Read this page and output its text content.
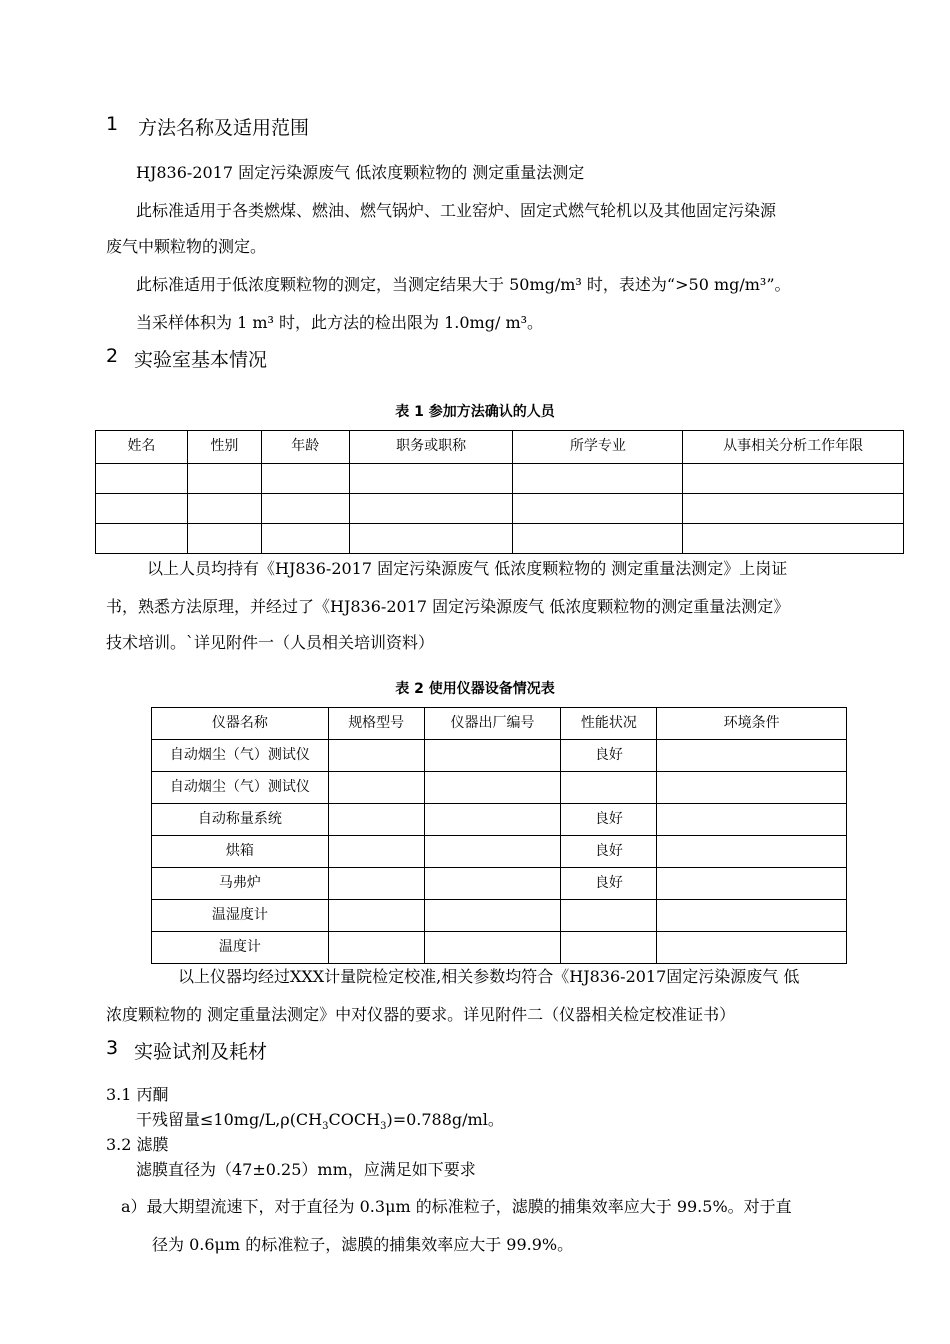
1 方法名称及适用范围
HJ836-2017 固定污染源废气 低浓度颗粒物的 测定重量法测定
此标准适用于各类燃煤、燃油、燃气锅炉、工业窑炉、固定式燃气轮机以及其他固定污染源
废气中颗粒物的测定。
此标准适用于低浓度颗粒物的测定，当测定结果大于 50mg/m³ 时，表述为“>50 mg/m³”。
当采样体积为 1 m³ 时，此方法的检出限为 1.0mg/ m³。
2 实验室基本情况
表 1 参加方法确认的人员
姓名	性别	年龄	职务或职称	所学专业	从事相关分析工作年限

以上人员均持有《HJ836-2017 固定污染源废气 低浓度颗粒物的 测定重量法测定》上岗证
书，熟悉方法原理，并经过了《HJ836-2017 固定污染源废气 低浓度颗粒物的测定重量法测定》
技术培训。`详见附件一（人员相关培训资料）
表 2 使用仪器设备情况表
仪器名称	规格型号	仪器出厂编号	性能状况	环境条件
自动烟尘（气）测试仪			良好	
自动烟尘（气）测试仪				
自动称量系统			良好	
烘箱			良好	
马弗炉			良好	
温湿度计				
温度计				
以上仪器均经过XXX计量院检定校准,相关参数均符合《HJ836-2017固定污染源废气 低
浓度颗粒物的 测定重量法测定》中对仪器的要求。详见附件二（仪器相关检定校准证书）
3 实验试剂及耗材
3.1 丙酮
干残留量$\le 10mg/L,\rho(CH_3COCH_3)=0.788g/ml$。
3.2 滤膜
滤膜直径为（47±0.25）mm，应满足如下要求
a）最大期望流速下，对于直径为 0.3μm 的标准粒子，滤膜的捕集效率应大于 99.5%。对于直
径为 0.6μm 的标准粒子，滤膜的捕集效率应大于 99.9%。
